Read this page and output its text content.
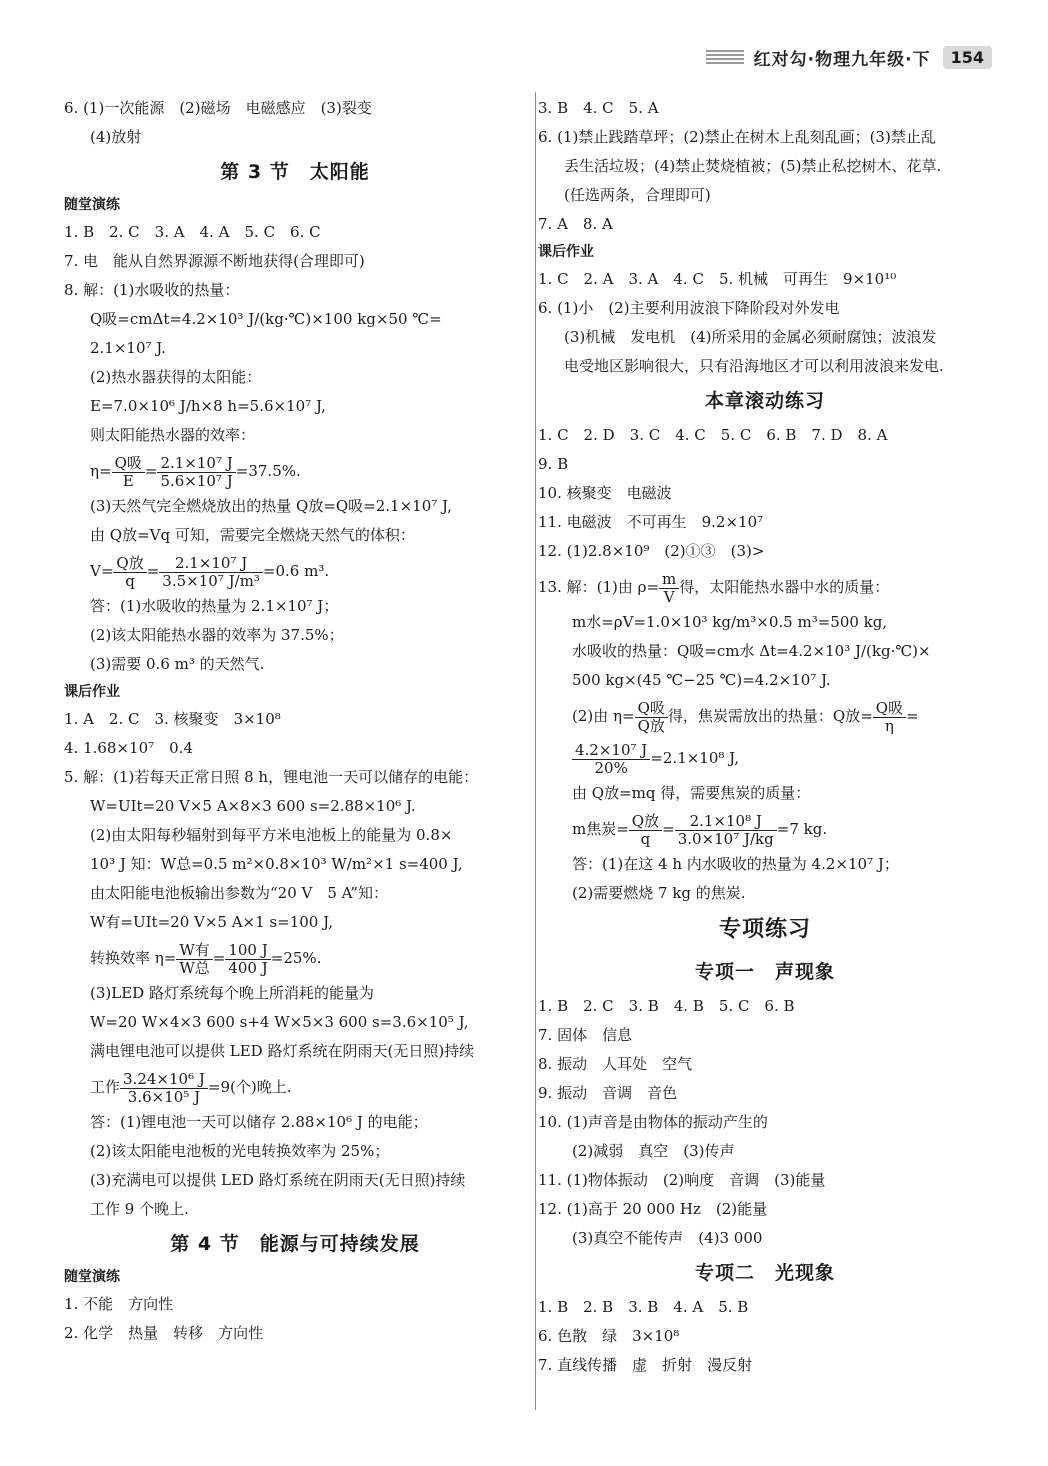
红对勾·物理九年级·下	154
6. (1)一次能源　(2)磁场　电磁感应　(3)裂变
(4)放射
第 3 节　太阳能
随堂演练
1. B　2. C　3. A　4. A　5. C　6. C
7. 电　能从自然界源源不断地获得(合理即可)
8. 解：(1)水吸收的热量：
Q吸=cmΔt=4.2×10³ J/(kg·℃)×100 kg×50 ℃=
2.1×10⁷ J.
(2)热水器获得的太阳能：
E=7.0×10⁶ J/h×8 h=5.6×10⁷ J,
则太阳能热水器的效率：
$\eta= \frac{\text{Q吸}}{E} = \frac{\text{2.1×10⁷ J}}{\text{5.6×10⁷ J}} =37.5\%$.
(3)天然气完全燃烧放出的热量 Q放=Q吸=2.1×10⁷ J,
由 Q放=Vq 可知，需要完全燃烧天然气的体积：
$V= \frac{\text{Q放}}{q} = \frac{\text{2.1×10⁷ J}}{\text{3.5×10⁷ J/m³}} =0.6$ m³.
答：(1)水吸收的热量为 2.1×10⁷ J；
(2)该太阳能热水器的效率为 37.5%；
(3)需要 0.6 m³ 的天然气.
课后作业
1. A　2. C　3. 核聚变　3×10⁸
4. 1.68×10⁷　0.4
5. 解：(1)若每天正常日照 8 h，锂电池一天可以储存的电能：
W=UIt=20 V×5 A×8×3 600 s=2.88×10⁶ J.
(2)由太阳每秒辐射到每平方米电池板上的能量为 0.8×
10³ J 知：W总=0.5 m²×0.8×10³ W/m²×1 s=400 J,
由太阳能电池板输出参数为“20 V　5 A”知：
W有=UIt=20 V×5 A×1 s=100 J,
转换效率 $\eta= \frac{\text{W有}}{\text{W总}} = \frac{100 J}{400 J} =25\%$.
(3)LED 路灯系统每个晚上所消耗的能量为
W=20 W×4×3 600 s+4 W×5×3 600 s=3.6×10⁵ J,
满电锂电池可以提供 LED 路灯系统在阴雨天(无日照)持续
工作 $\frac{\text{3.24×10⁶ J}}{\text{3.6×10⁵ J}} =9$(个)晚上.
答：(1)锂电池一天可以储存 2.88×10⁶ J 的电能；
(2)该太阳能电池板的光电转换效率为 25%；
(3)充满电可以提供 LED 路灯系统在阴雨天(无日照)持续
工作 9 个晚上.
第 4 节　能源与可持续发展
随堂演练
1. 不能　方向性
2. 化学　热量　转移　方向性
3. B　4. C　5. A
6. (1)禁止践踏草坪；(2)禁止在树木上乱刻乱画；(3)禁止乱
丢生活垃圾；(4)禁止焚烧植被；(5)禁止私挖树木、花草.
(任选两条，合理即可)
7. A　8. A
课后作业
1. C　2. A　3. A　4. C　5. 机械　可再生　9×10¹⁰
6. (1)小　(2)主要利用波浪下降阶段对外发电
(3)机械　发电机　(4)所采用的金属必须耐腐蚀；波浪发
电受地区影响很大，只有沿海地区才可以利用波浪来发电.
本章滚动练习
1. C　2. D　3. C　4. C　5. C　6. B　7. D　8. A
9. B
10. 核聚变　电磁波
11. 电磁波　不可再生　9.2×10⁷
12. (1)2.8×10⁹　(2)①③　(3)>
13. 解：(1)由 $\rho= \frac{m}{V}$ 得，太阳能热水器中水的质量：
m水=ρV=1.0×10³ kg/m³×0.5 m³=500 kg,
水吸收的热量：Q吸=cm水 Δt=4.2×10³ J/(kg·℃)×
500 kg×(45 ℃−25 ℃)=4.2×10⁷ J.
(2)由 $\eta= \frac{\text{Q吸}}{\text{Q放}}$ 得，焦炭需放出的热量：Q放= $\frac{\text{Q吸}}{\eta}$ =
$\frac{\text{4.2×10⁷ J}}{20\%} =2.1\times 10^8$ J,
由 Q放=mq 得，需要焦炭的质量：
m焦炭= $\frac{\text{Q放}}{q} = \frac{\text{2.1×10⁸ J}}{\text{3.0×10⁷ J/kg}} =7$ kg.
答：(1)在这 4 h 内水吸收的热量为 4.2×10⁷ J；
(2)需要燃烧 7 kg 的焦炭.
专项练习
专项一　声现象
1. B　2. C　3. B　4. B　5. C　6. B
7. 固体　信息
8. 振动　人耳处　空气
9. 振动　音调　音色
10. (1)声音是由物体的振动产生的
(2)减弱　真空　(3)传声
11. (1)物体振动　(2)响度　音调　(3)能量
12. (1)高于 20 000 Hz　(2)能量
(3)真空不能传声　(4)3 000
专项二　光现象
1. B　2. B　3. B　4. A　5. B
6. 色散　绿　3×10⁸
7. 直线传播　虚　折射　漫反射
